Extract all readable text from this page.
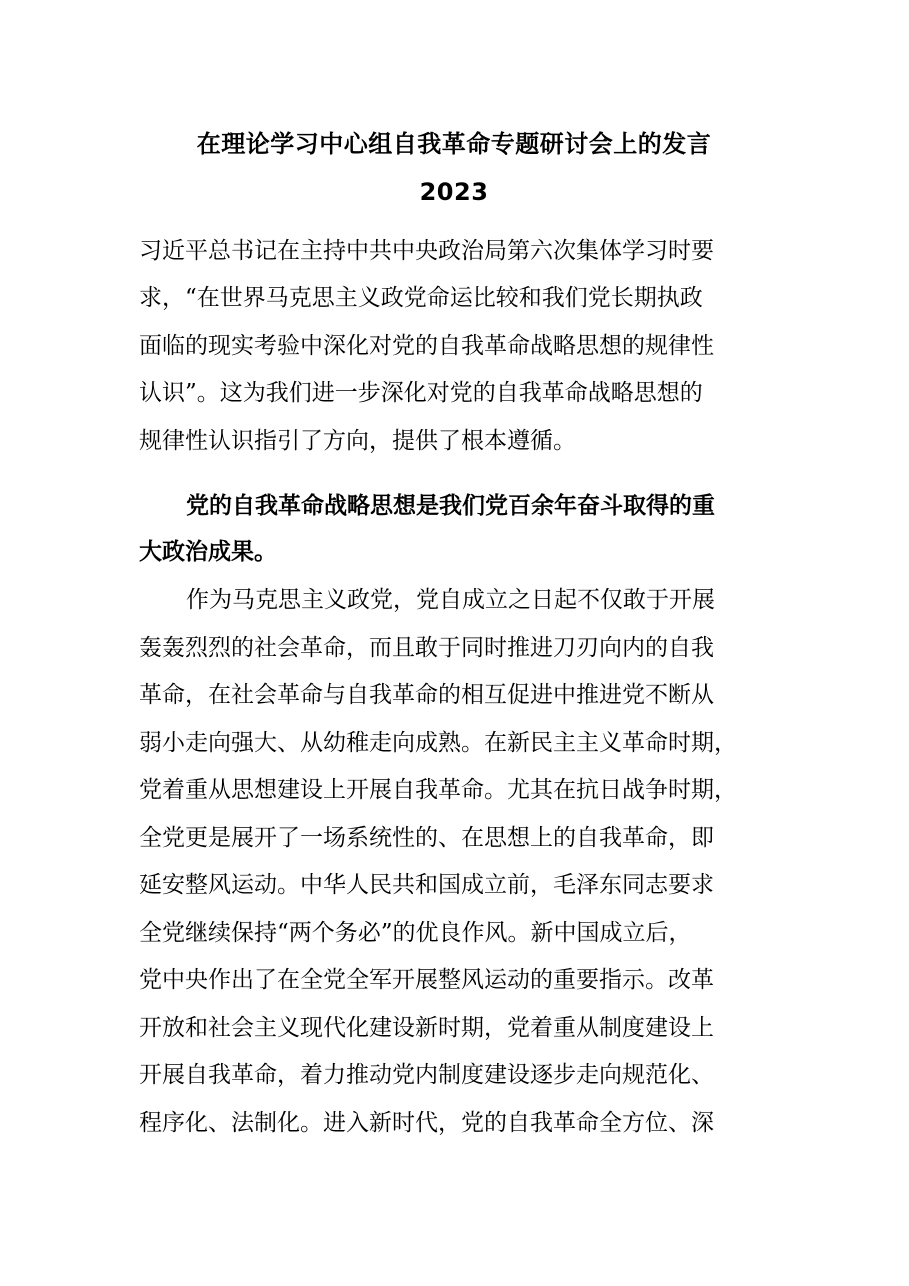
在理论学习中心组自我革命专题研讨会上的发言
2023
习近平总书记在主持中共中央政治局第六次集体学习时要
求，“在世界马克思主义政党命运比较和我们党长期执政
面临的现实考验中深化对党的自我革命战略思想的规律性
认识”。这为我们进一步深化对党的自我革命战略思想的
规律性认识指引了方向，提供了根本遵循。
党的自我革命战略思想是我们党百余年奋斗取得的重
大政治成果。
作为马克思主义政党，党自成立之日起不仅敢于开展
轰轰烈烈的社会革命，而且敢于同时推进刀刃向内的自我
革命，在社会革命与自我革命的相互促进中推进党不断从
弱小走向强大、从幼稚走向成熟。在新民主主义革命时期，
党着重从思想建设上开展自我革命。尤其在抗日战争时期，
全党更是展开了一场系统性的、在思想上的自我革命，即
延安整风运动。中华人民共和国成立前，毛泽东同志要求
全党继续保持“两个务必”的优良作风。新中国成立后，
党中央作出了在全党全军开展整风运动的重要指示。改革
开放和社会主义现代化建设新时期，党着重从制度建设上
开展自我革命，着力推动党内制度建设逐步走向规范化、
程序化、法制化。进入新时代，党的自我革命全方位、深
